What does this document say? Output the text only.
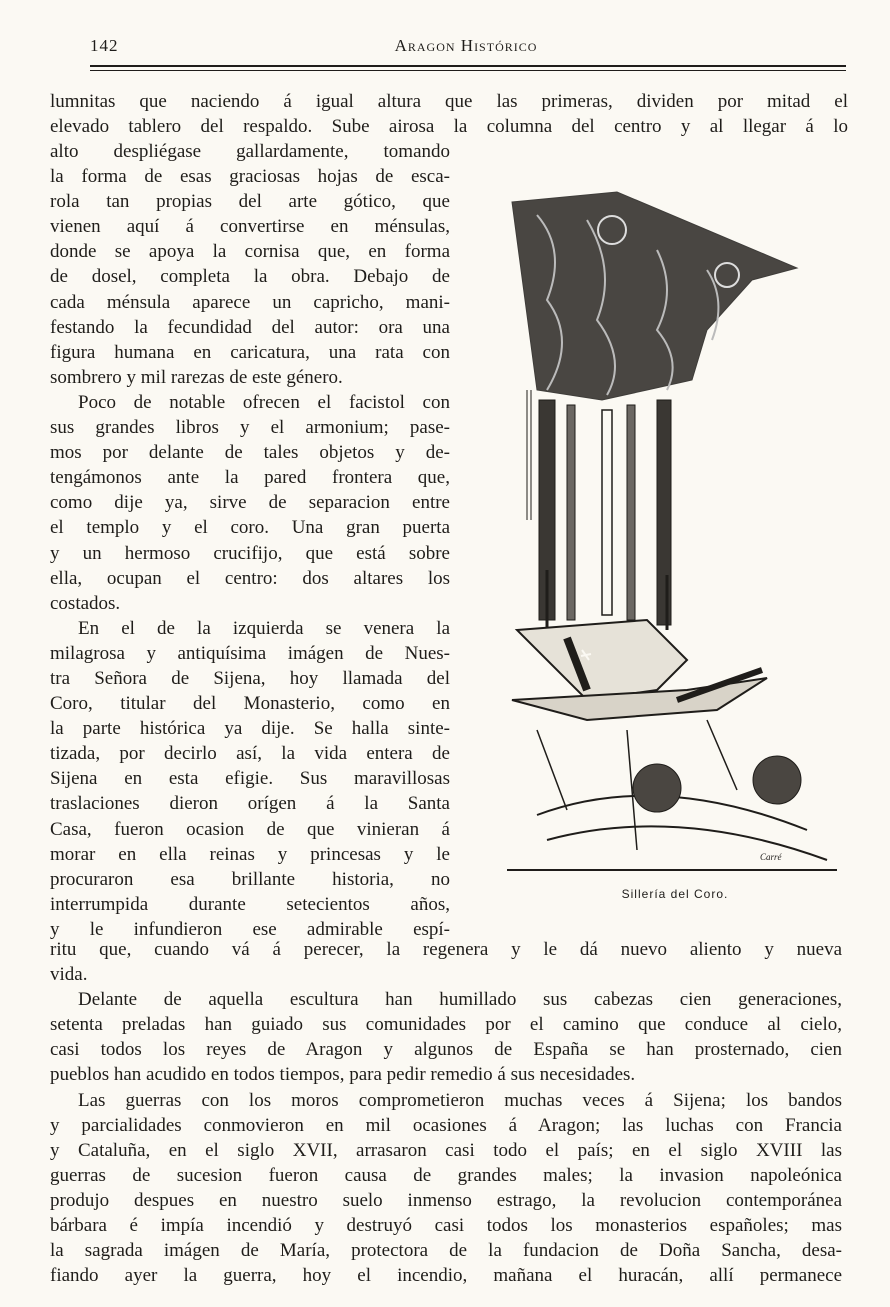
142	Aragon Histórico
lumnitas que naciendo á igual altura que las primeras, dividen por mitad el
elevado tablero del respaldo. Sube airosa la columna del centro y al llegar á lo
alto despliégase gallardamente, tomando
la forma de esas graciosas hojas de esca-
rola tan propias del arte gótico, que
vienen aquí á convertirse en ménsulas,
donde se apoya la cornisa que, en forma
de dosel, completa la obra. Debajo de
cada ménsula aparece un capricho, mani-
festando la fecundidad del autor: ora una
figura humana en caricatura, una rata con
sombrero y mil rarezas de este género.
Poco de notable ofrecen el facistol con
sus grandes libros y el armonium; pase-
mos por delante de tales objetos y de-
tengámonos ante la pared frontera que,
como dije ya, sirve de separacion entre
el templo y el coro. Una gran puerta
y un hermoso crucifijo, que está sobre
ella, ocupan el centro: dos altares los
costados.
En el de la izquierda se venera la
milagrosa y antiquísima imágen de Nues-
tra Señora de Sijena, hoy llamada del
Coro, titular del Monasterio, como en
la parte histórica ya dije. Se halla sinte-
tizada, por decirlo así, la vida entera de
Sijena en esta efigie. Sus maravillosas
traslaciones dieron orígen á la Santa
Casa, fueron ocasion de que vinieran á
morar en ella reinas y princesas y le
procuraron esa brillante historia, no
interrumpida durante setecientos años,
y le infundieron ese admirable espí-
ritu que, cuando vá á perecer, la regenera y le dá nuevo aliento y nueva
vida.
Delante de aquella escultura han humillado sus cabezas cien generaciones,
setenta preladas han guiado sus comunidades por el camino que conduce al cielo,
casi todos los reyes de Aragon y algunos de España se han prosternado, cien
pueblos han acudido en todos tiempos, para pedir remedio á sus necesidades.
Las guerras con los moros comprometieron muchas veces á Sijena; los bandos
y parcialidades conmovieron en mil ocasiones á Aragon; las luchas con Francia
y Cataluña, en el siglo XVII, arrasaron casi todo el país; en el siglo XVIII las
guerras de sucesion fueron causa de grandes males; la invasion napoleónica
produjo despues en nuestro suelo inmenso estrago, la revolucion contemporánea
bárbara é impía incendió y destruyó casi todos los monasterios españoles; mas
la sagrada imágen de María, protectora de la fundacion de Doña Sancha, desa-
fiando ayer la guerra, hoy el incendio, mañana el huracán, allí permanece
Carré
Sillería del Coro.
